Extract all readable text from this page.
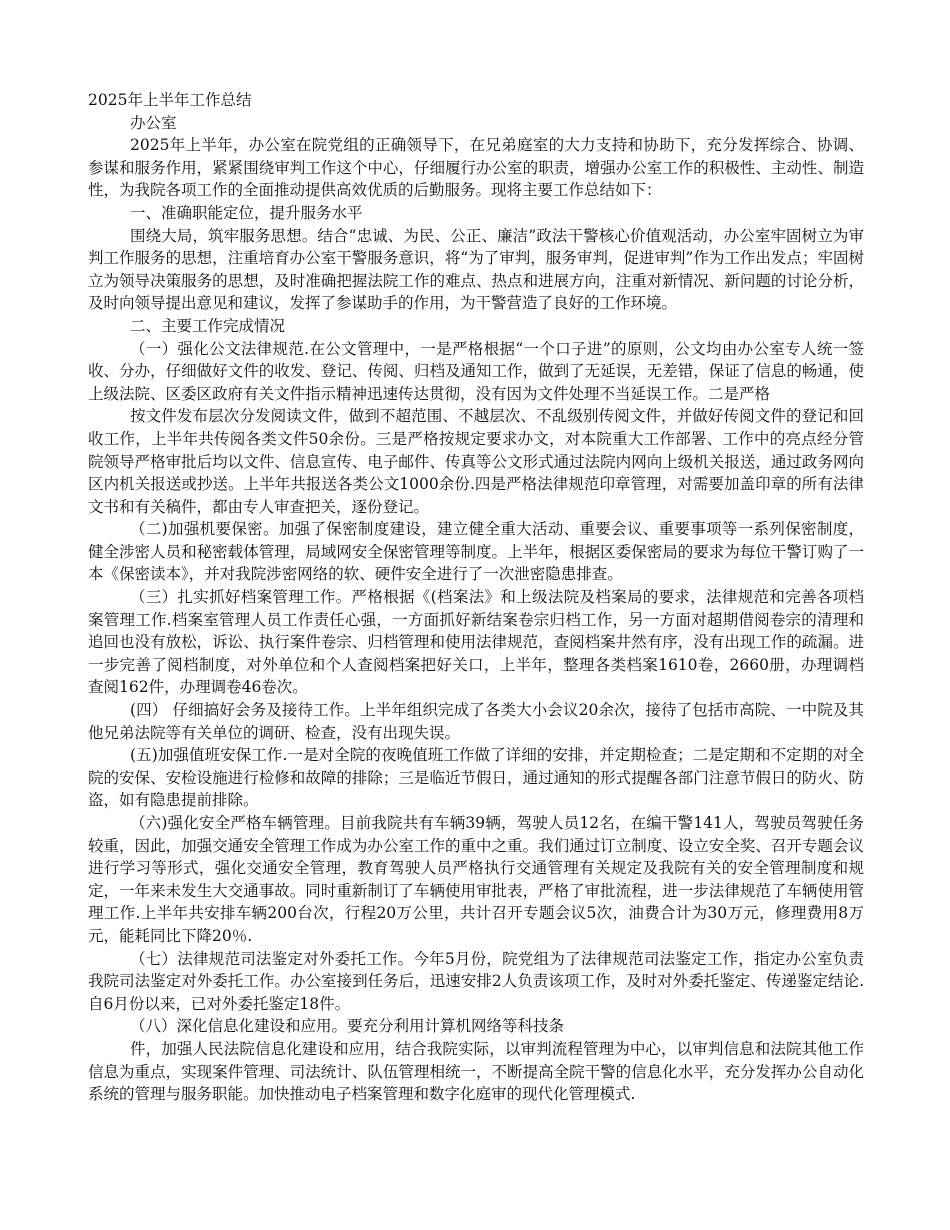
2025年上半年工作总结

办公室

2025年上半年，办公室在院党组的正确领导下，在兄弟庭室的大力支持和协助下，充分发挥综合、协调、参谋和服务作用，紧紧围绕审判工作这个中心，仔细履行办公室的职责，增强办公室工作的积极性、主动性、制造性，为我院各项工作的全面推动提供高效优质的后勤服务。现将主要工作总结如下：

一、准确职能定位，提升服务水平

围绕大局，筑牢服务思想。结合“忠诚、为民、公正、廉洁”政法干警核心价值观活动，办公室牢固树立为审判工作服务的思想，注重培育办公室干警服务意识，将“为了审判，服务审判，促进审判”作为工作出发点；牢固树立为领导决策服务的思想，及时准确把握法院工作的难点、热点和进展方向，注重对新情况、新问题的讨论分析，及时向领导提出意见和建议，发挥了参谋助手的作用，为干警营造了良好的工作环境。

二、主要工作完成情况

（一）强化公文法律规范.在公文管理中，一是严格根据“一个口子进”的原则，公文均由办公室专人统一签收、分办，仔细做好文件的收发、登记、传阅、归档及通知工作，做到了无延误，无差错，保证了信息的畅通，使上级法院、区委区政府有关文件指示精神迅速传达贯彻，没有因为文件处理不当延误工作。二是严格

按文件发布层次分发阅读文件，做到不超范围、不越层次、不乱级别传阅文件，并做好传阅文件的登记和回收工作，上半年共传阅各类文件50余份。三是严格按规定要求办文，对本院重大工作部署、工作中的亮点经分管院领导严格审批后均以文件、信息宣传、电子邮件、传真等公文形式通过法院内网向上级机关报送，通过政务网向区内机关报送或抄送。上半年共报送各类公文1000余份.四是严格法律规范印章管理，对需要加盖印章的所有法律文书和有关稿件，都由专人审查把关，逐份登记。

（二)加强机要保密。加强了保密制度建设，建立健全重大活动、重要会议、重要事项等一系列保密制度，健全涉密人员和秘密载体管理，局域网安全保密管理等制度。上半年，根据区委保密局的要求为每位干警订购了一本《保密读本》，并对我院涉密网络的软、硬件安全进行了一次泄密隐患排查。

（三）扎实抓好档案管理工作。严格根据《(档案法》和上级法院及档案局的要求，法律规范和完善各项档案管理工作.档案室管理人员工作责任心强，一方面抓好新结案卷宗归档工作，另一方面对超期借阅卷宗的清理和追回也没有放松，诉讼、执行案件卷宗、归档管理和使用法律规范，查阅档案井然有序，没有出现工作的疏漏。进一步完善了阅档制度，对外单位和个人查阅档案把好关口，上半年，整理各类档案1610卷，2660册，办理调档查阅162件，办理调卷46卷次。

(四） 仔细搞好会务及接待工作。上半年组织完成了各类大小会议20余次，接待了包括市高院、一中院及其他兄弟法院等有关单位的调研、检查，没有出现失误。

(五)加强值班安保工作.一是对全院的夜晚值班工作做了详细的安排，并定期检查；二是定期和不定期的对全院的安保、安检设施进行检修和故障的排除；三是临近节假日，通过通知的形式提醒各部门注意节假日的防火、防盗，如有隐患提前排除。

（六)强化安全严格车辆管理。目前我院共有车辆39辆，驾驶人员12名，在编干警141人，驾驶员驾驶任务较重，因此，加强交通安全管理工作成为办公室工作的重中之重。我们通过订立制度、设立安全奖、召开专题会议进行学习等形式，强化交通安全管理，教育驾驶人员严格执行交通管理有关规定及我院有关的安全管理制度和规定，一年来未发生大交通事故。同时重新制订了车辆使用审批表，严格了审批流程，进一步法律规范了车辆使用管理工作.上半年共安排车辆200台次，行程20万公里，共计召开专题会议5次，油费合计为30万元，修理费用8万元，能耗同比下降20％.

（七）法律规范司法鉴定对外委托工作。今年5月份，院党组为了法律规范司法鉴定工作，指定办公室负责我院司法鉴定对外委托工作。办公室接到任务后，迅速安排2人负责该项工作，及时对外委托鉴定、传递鉴定结论.自6月份以来，已对外委托鉴定18件。

（八）深化信息化建设和应用。要充分利用计算机网络等科技条

件，加强人民法院信息化建设和应用，结合我院实际，以审判流程管理为中心，以审判信息和法院其他工作信息为重点，实现案件管理、司法统计、队伍管理相统一，不断提高全院干警的信息化水平，充分发挥办公自动化系统的管理与服务职能。加快推动电子档案管理和数字化庭审的现代化管理模式.
